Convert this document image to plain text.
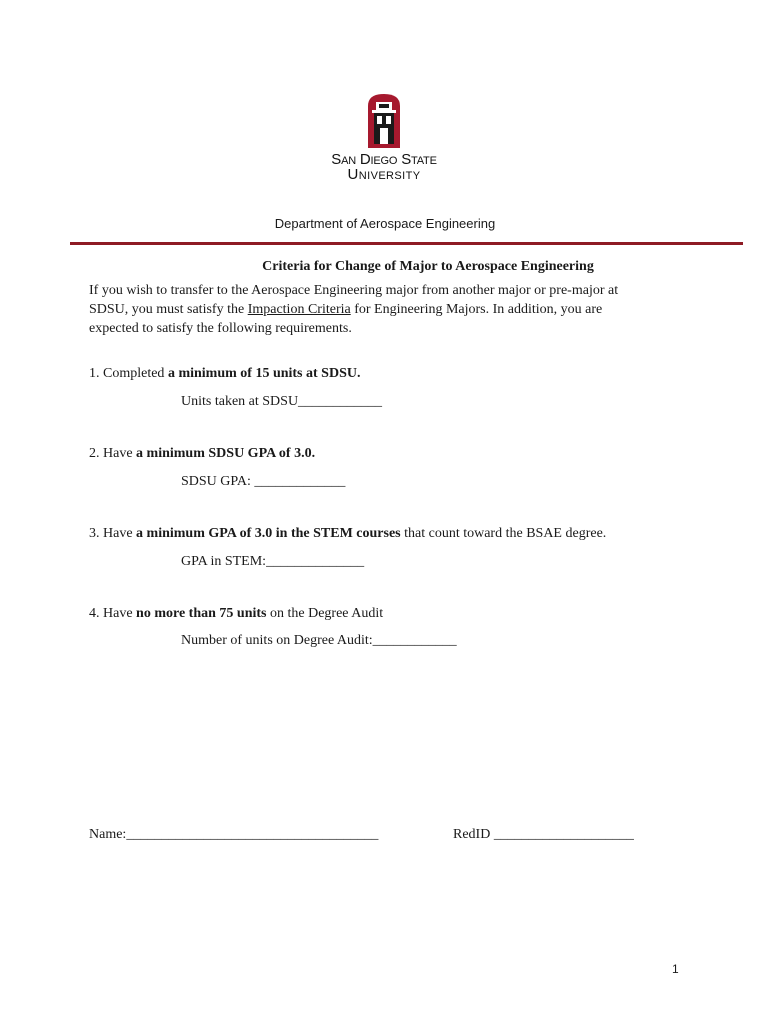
San Diego State
University
Department of Aerospace Engineering
Criteria for Change of Major to Aerospace Engineering
If you wish to transfer to the Aerospace Engineering major from another major or pre-major at
SDSU, you must satisfy the Impaction Criteria for Engineering Majors. In addition, you are
expected to satisfy the following requirements.
1. Completed a minimum of 15 units at SDSU.
Units taken at SDSU____________
2. Have a minimum SDSU GPA of 3.0.
SDSU GPA: _____________
3. Have a minimum GPA of 3.0 in the STEM courses that count toward the BSAE degree.
GPA in STEM:______________
4. Have no more than 75 units on the Degree Audit
Number of units on Degree Audit:____________
Name:____________________________________	RedID ____________________
1
